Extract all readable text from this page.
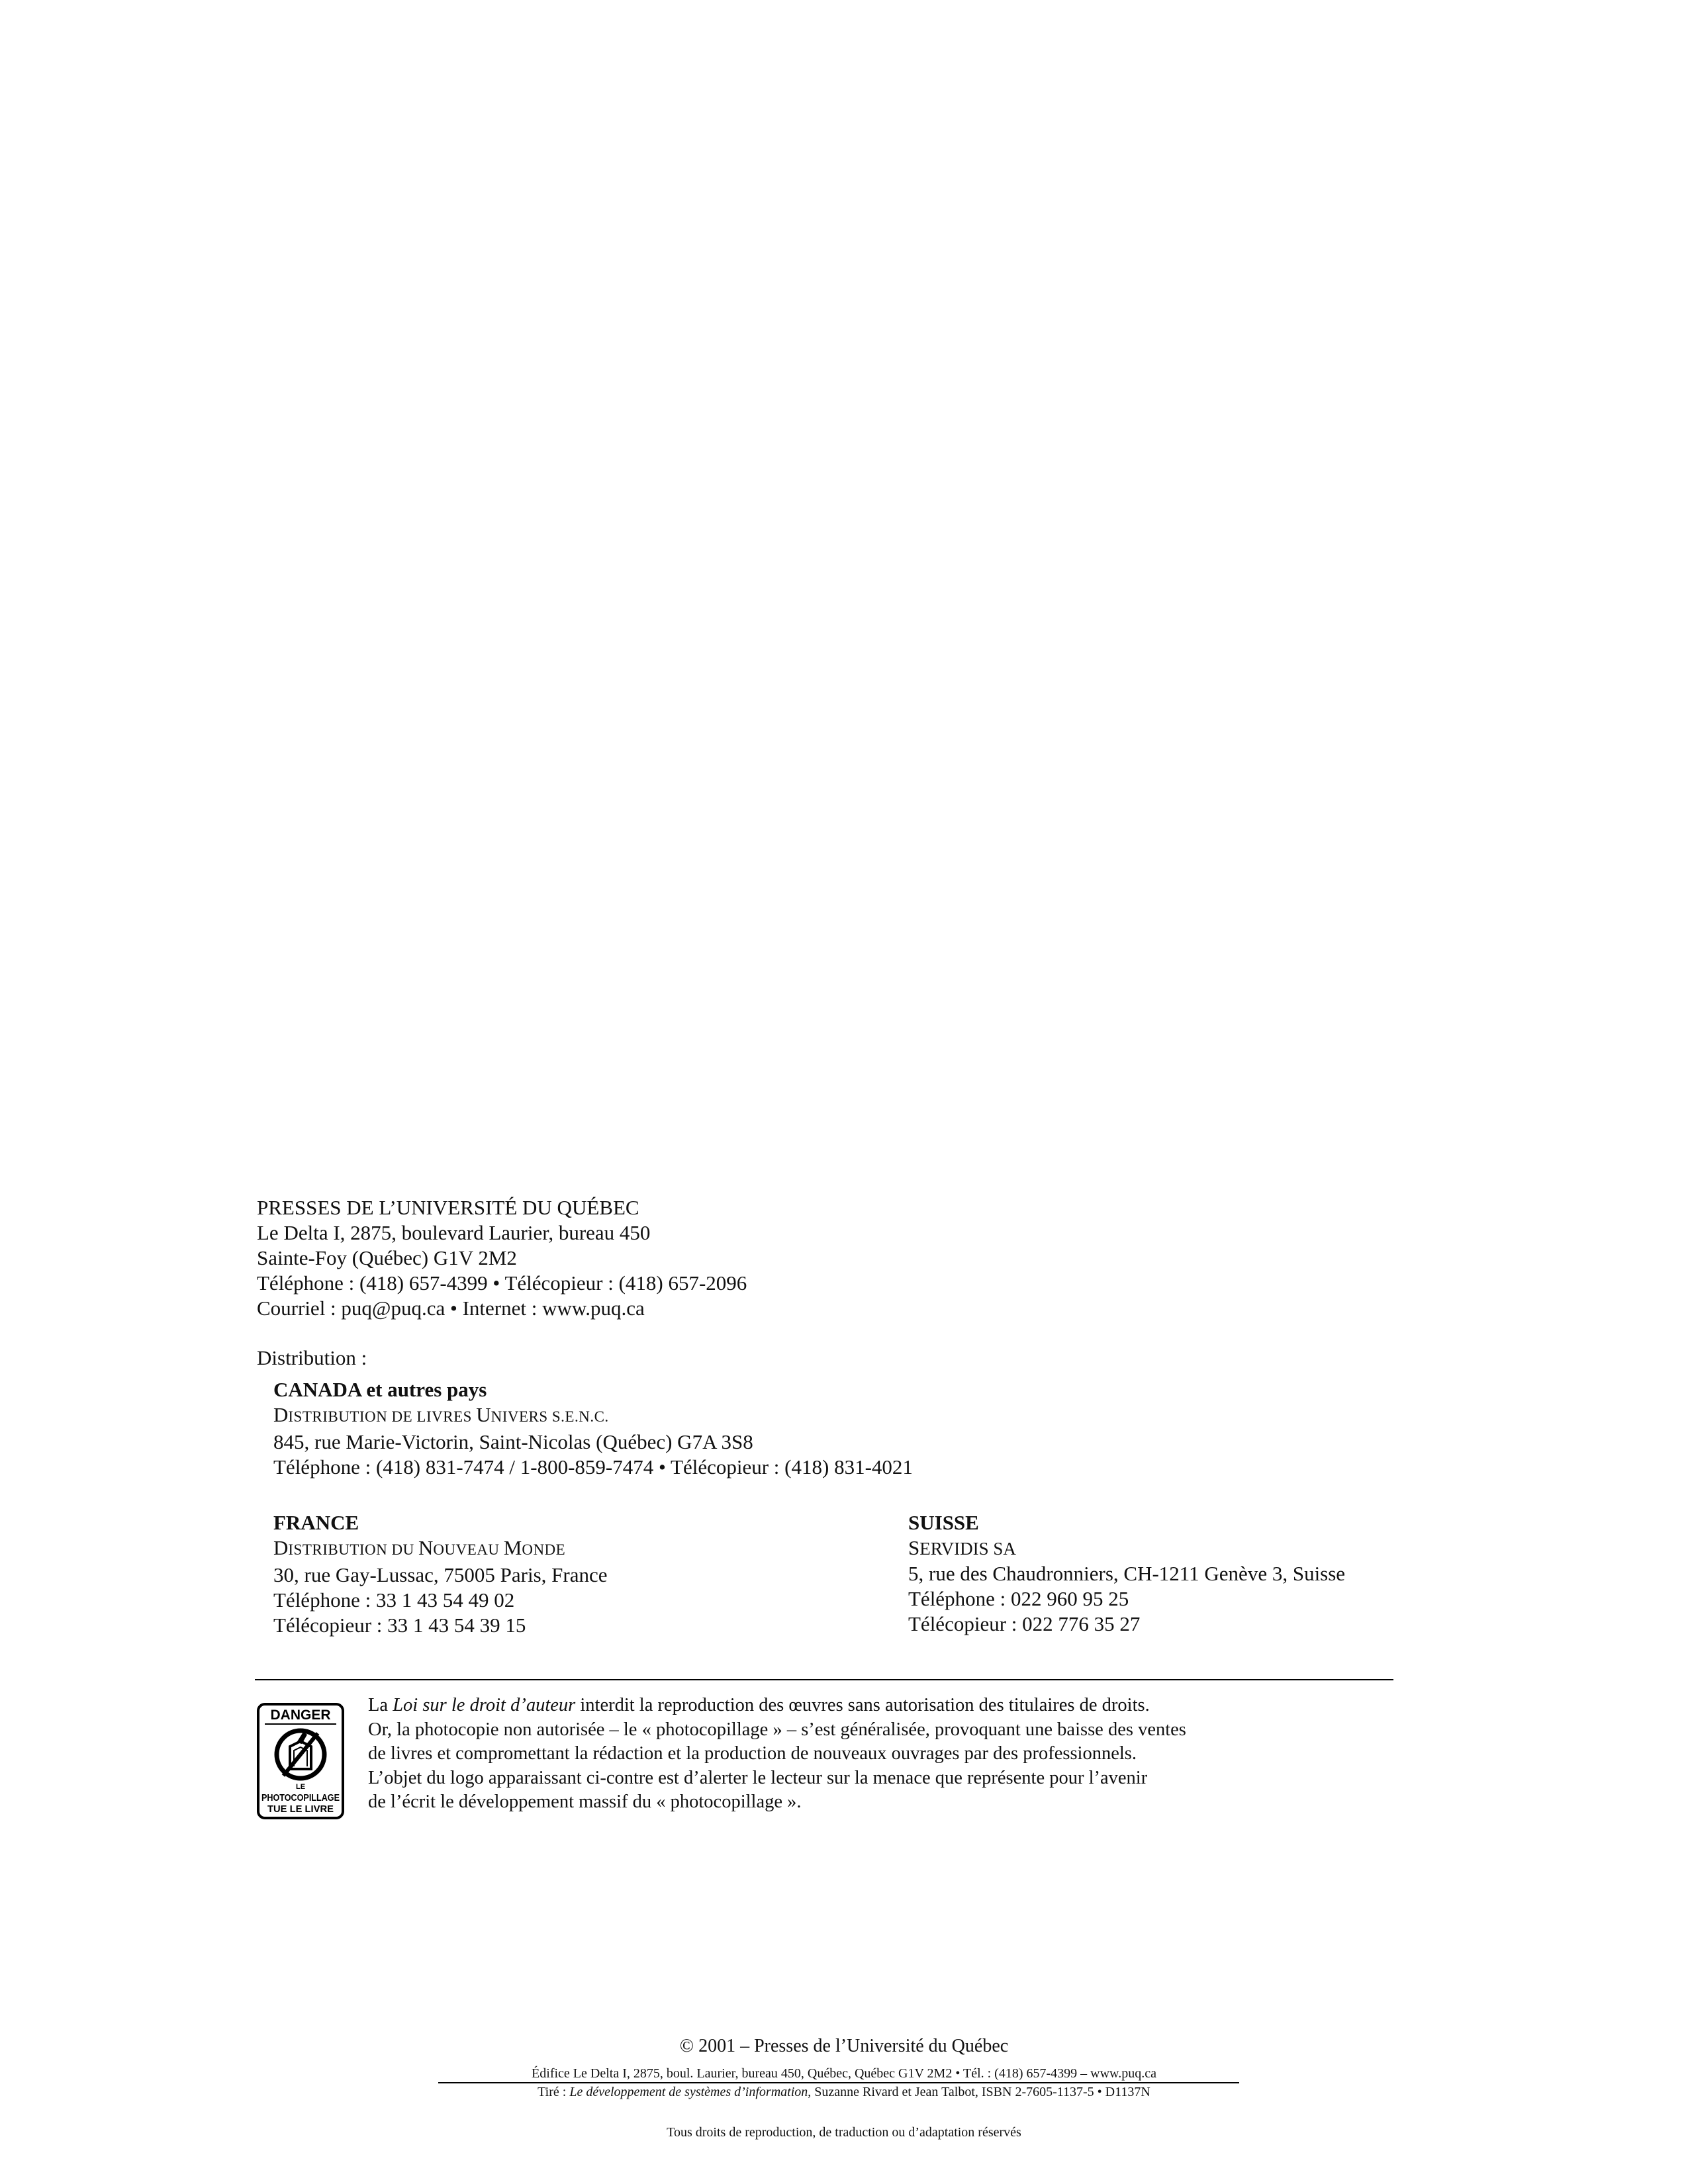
PRESSES DE L’UNIVERSITÉ DU QUÉBEC
Le Delta I, 2875, boulevard Laurier, bureau 450
Sainte-Foy (Québec) G1V 2M2
Téléphone : (418) 657-4399 • Télécopieur : (418) 657-2096
Courriel : puq@puq.ca • Internet : www.puq.ca
Distribution :
CANADA et autres pays
DISTRIBUTION DE LIVRES UNIVERS S.E.N.C.
845, rue Marie-Victorin, Saint-Nicolas (Québec) G7A 3S8
Téléphone : (418) 831-7474 / 1-800-859-7474 • Télécopieur : (418) 831-4021
FRANCE
DISTRIBUTION DU NOUVEAU MONDE
30, rue Gay-Lussac, 75005 Paris, France
Téléphone : 33 1 43 54 49 02
Télécopieur : 33 1 43 54 39 15
SUISSE
SERVIDIS SA
5, rue des Chaudronniers, CH-1211 Genève 3, Suisse
Téléphone : 022 960 95 25
Télécopieur : 022 776 35 27
DANGER
LE
PHOTOCOPILLAGE
TUE LE LIVRE
La Loi sur le droit d’auteur interdit la reproduction des œuvres sans autorisation des titulaires de droits.
Or, la photocopie non autorisée – le « photocopillage » – s’est généralisée, provoquant une baisse des ventes
de livres et compromettant la rédaction et la production de nouveaux ouvrages par des professionnels.
L’objet du logo apparaissant ci-contre est d’alerter le lecteur sur la menace que représente pour l’avenir
de l’écrit le développement massif du « photocopillage ».
© 2001 – Presses de l’Université du Québec
Édifice Le Delta I, 2875, boul. Laurier, bureau 450, Québec, Québec G1V 2M2 • Tél. : (418) 657-4399 – www.puq.ca
Tiré : Le développement de systèmes d’information, Suzanne Rivard et Jean Talbot, ISBN 2-7605-1137-5 • D1137N
Tous droits de reproduction, de traduction ou d’adaptation réservés
